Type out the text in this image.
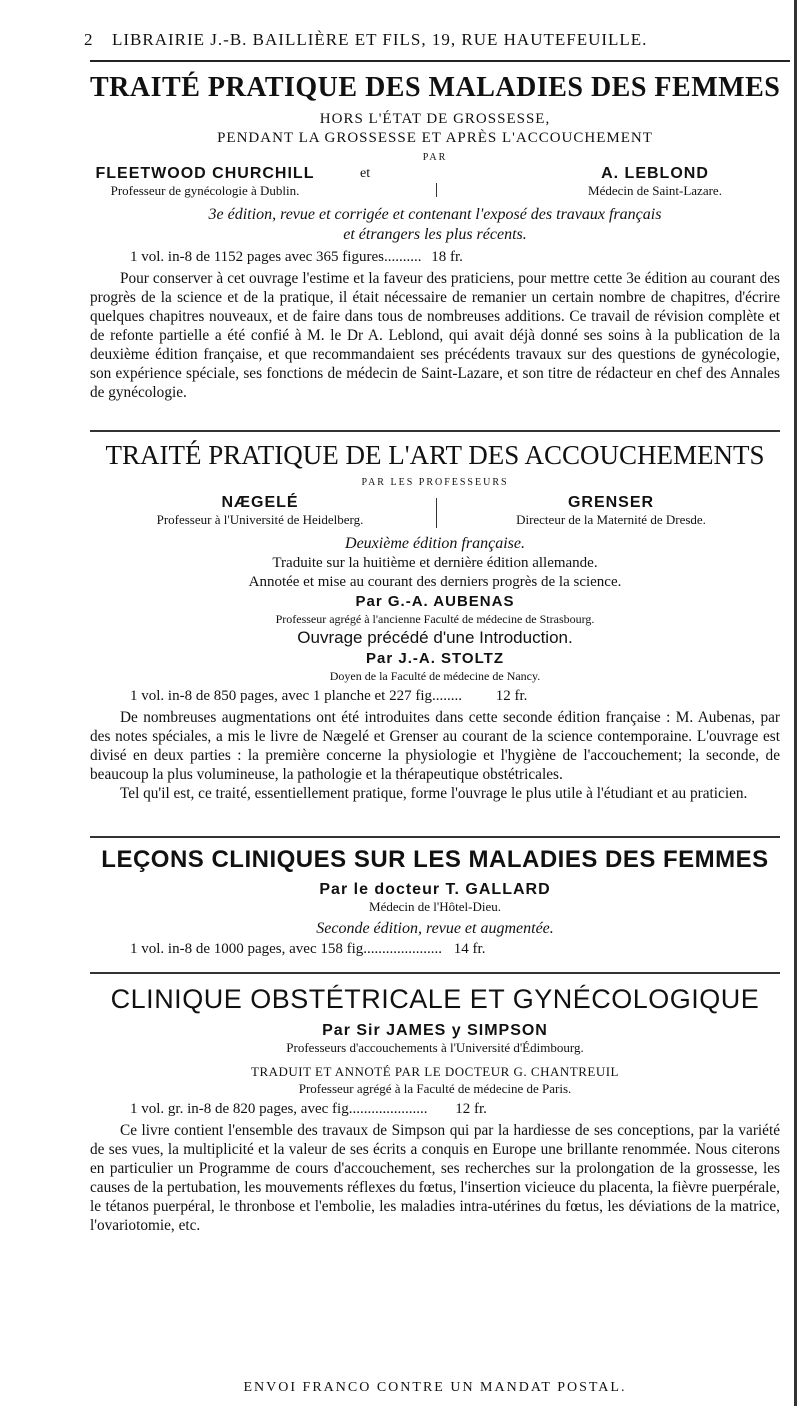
2 LIBRAIRIE J.-B. BAILLIÈRE ET FILS, 19, RUE HAUTEFEUILLE.
TRAITÉ PRATIQUE DES MALADIES DES FEMMES
HORS L'ÉTAT DE GROSSESSE,
PENDANT LA GROSSESSE ET APRÈS L'ACCOUCHEMENT
PAR
FLEETWOOD CHURCHILL
Professeur de gynécologie à Dublin.
et	A. LEBLOND
Médecin de Saint-Lazare.
3e édition, revue et corrigée et contenant l'exposé des travaux français
et étrangers les plus récents.
1 vol. in-8 de 1152 pages avec 365 figures.......... 18 fr.
Pour conserver à cet ouvrage l'estime et la faveur des praticiens, pour mettre cette 3e édition au courant des progrès de la science et de la pratique, il était nécessaire de remanier un certain nombre de chapitres, d'écrire quelques chapitres nouveaux, et de faire dans tous de nombreuses additions. Ce travail de révision complète et de refonte partielle a été confié à M. le Dr A. Leblond, qui avait déjà donné ses soins à la publication de la deuxième édition française, et que recommandaient ses précédents travaux sur des questions de gynécologie, son expérience spéciale, ses fonctions de médecin de Saint-Lazare, et son titre de rédacteur en chef des Annales de gynécologie.
TRAITÉ PRATIQUE DE L'ART DES ACCOUCHEMENTS
PAR LES PROFESSEURS
NÆGELÉ
Professeur à l'Université de Heidelberg.
GRENSER
Directeur de la Maternité de Dresde.
Deuxième édition française.
Traduite sur la huitième et dernière édition allemande.
Annotée et mise au courant des derniers progrès de la science.
Par G.-A. AUBENAS
Professeur agrégé à l'ancienne Faculté de médecine de Strasbourg.
Ouvrage précédé d'une Introduction.
Par J.-A. STOLTZ
Doyen de la Faculté de médecine de Nancy.
1 vol. in-8 de 850 pages, avec 1 planche et 227 fig........ 12 fr.
De nombreuses augmentations ont été introduites dans cette seconde édition française : M. Aubenas, par des notes spéciales, a mis le livre de Nægelé et Grenser au courant de la science contemporaine. L'ouvrage est divisé en deux parties : la première concerne la physiologie et l'hygiène de l'accouchement; la seconde, de beaucoup la plus volumineuse, la pathologie et la thérapeutique obstétricales.
Tel qu'il est, ce traité, essentiellement pratique, forme l'ouvrage le plus utile à l'étudiant et au praticien.
LEÇONS CLINIQUES SUR LES MALADIES DES FEMMES
Par le docteur T. GALLARD
Médecin de l'Hôtel-Dieu.
Seconde édition, revue et augmentée.
1 vol. in-8 de 1000 pages, avec 158 fig..................... 14 fr.
CLINIQUE OBSTÉTRICALE ET GYNÉCOLOGIQUE
Par Sir JAMES y SIMPSON
Professeurs d'accouchements à l'Université d'Édimbourg.
TRADUIT ET ANNOTÉ PAR LE DOCTEUR G. CHANTREUIL
Professeur agrégé à la Faculté de médecine de Paris.
1 vol. gr. in-8 de 820 pages, avec fig..................... 12 fr.
Ce livre contient l'ensemble des travaux de Simpson qui par la hardiesse de ses conceptions, par la variété de ses vues, la multiplicité et la valeur de ses écrits a conquis en Europe une brillante renommée. Nous citerons en particulier un Programme de cours d'accouchement, ses recherches sur la prolongation de la grossesse, les causes de la pertubation, les mouvements réflexes du fœtus, l'insertion vicieuce du placenta, la fièvre puerpérale, le tétanos puerpéral, le thronbose et l'embolie, les maladies intra-utérines du fœtus, les déviations de la matrice, l'ovariotomie, etc.
ENVOI FRANCO CONTRE UN MANDAT POSTAL.
